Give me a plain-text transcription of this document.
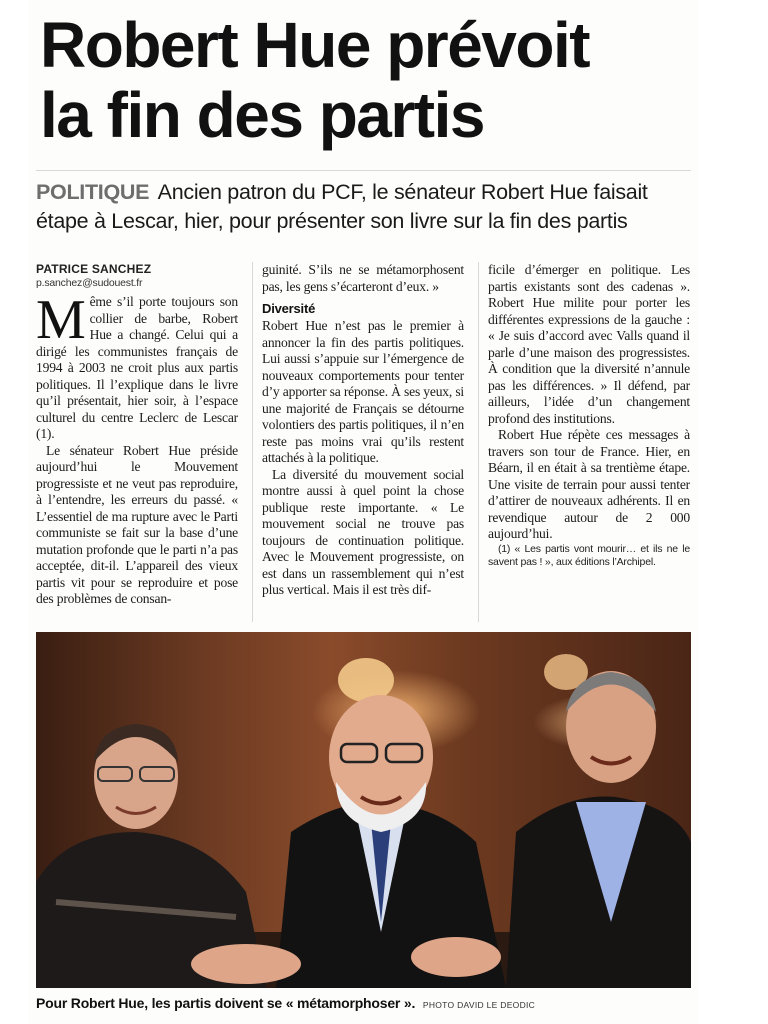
Robert Hue prévoit
la fin des partis
POLITIQUE Ancien patron du PCF, le sénateur Robert Hue faisait étape à Lescar, hier, pour présenter son livre sur la fin des partis
PATRICE SANCHEZ
p.sanchez@sudouest.fr

Même s’il porte toujours son collier de barbe, Robert Hue a changé. Celui qui a dirigé les communistes français de 1994 à 2003 ne croit plus aux partis politiques. Il l’explique dans le livre qu’il présentait, hier soir, à l’espace culturel du centre Leclerc de Lescar (1).

Le sénateur Robert Hue préside aujourd’hui le Mouvement progressiste et ne veut pas reproduire, à l’entendre, les erreurs du passé. « L’essentiel de ma rupture avec le Parti communiste se fait sur la base d’une mutation profonde que le parti n’a pas acceptée, dit-il. L’appareil des vieux partis vit pour se reproduire et pose des problèmes de consan-

guinité. S’ils ne se métamorphosent pas, les gens s’écarteront d’eux. »

Diversité

Robert Hue n’est pas le premier à annoncer la fin des partis politiques. Lui aussi s’appuie sur l’émergence de nouveaux comportements pour tenter d’y apporter sa réponse. À ses yeux, si une majorité de Français se détourne volontiers des partis politiques, il n’en reste pas moins vrai qu’ils restent attachés à la politique.

La diversité du mouvement social montre aussi à quel point la chose publique reste importante. « Le mouvement social ne trouve pas toujours de continuation politique. Avec le Mouvement progressiste, on est dans un rassemblement qui n’est plus vertical. Mais il est très dif-

ficile d’émerger en politique. Les partis existants sont des cadenas ». Robert Hue milite pour porter les différentes expressions de la gauche : « Je suis d’accord avec Valls quand il parle d’une maison des progressistes. À condition que la diversité n’annule pas les différences. » Il défend, par ailleurs, l’idée d’un changement profond des institutions.

Robert Hue répète ces messages à travers son tour de France. Hier, en Béarn, il en était à sa trentième étape. Une visite de terrain pour aussi tenter d’attirer de nouveaux adhérents. Il en revendique autour de 2 000 aujourd’hui.

(1) « Les partis vont mourir… et ils ne le savent pas ! », aux éditions l’Archipel.

Pour Robert Hue, les partis doivent se « métamorphoser ». PHOTO DAVID LE DEODIC
